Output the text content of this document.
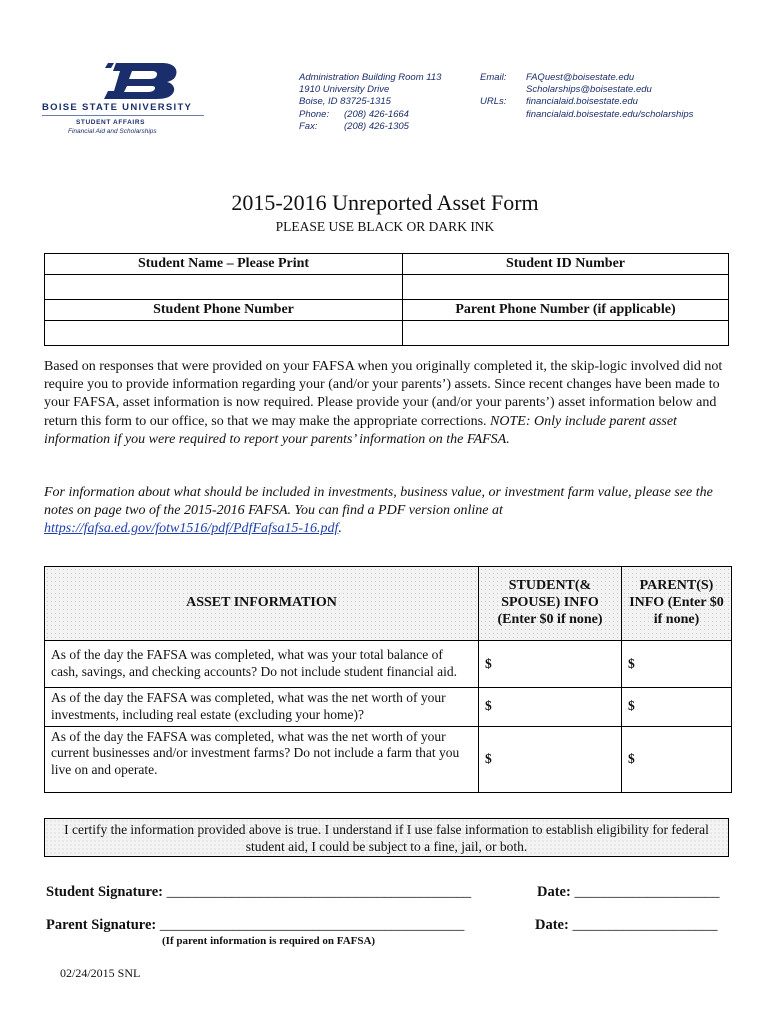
BOISE STATE UNIVERSITY
STUDENT AFFAIRS
Financial Aid and Scholarships
Administration Building Room 113
1910 University Drive
Boise, ID 83725-1315
Phone: (208) 426-1664
Fax:	(208) 426-1305
Email: FAQuest@boisestate.edu
Scholarships@boisestate.edu
URLs: financialaid.boisestate.edu
financialaid.boisestate.edu/scholarships
2015-2016 Unreported Asset Form
PLEASE USE BLACK OR DARK INK
Student Name – Please Print	Student ID Number

Student Phone Number	Parent Phone Number (if applicable)

Based on responses that were provided on your FAFSA when you originally completed it, the skip-logic involved did not require you to provide information regarding your (and/or your parents’) assets. Since recent changes have been made to your FAFSA, asset information is now required. Please provide your (and/or your parents’) asset information below and return this form to our office, so that we may make the appropriate corrections. NOTE: Only include parent asset information if you were required to report your parents’ information on the FAFSA.
For information about what should be included in investments, business value, or investment farm value, please see the notes on page two of the 2015-2016 FAFSA. You can find a PDF version online at https://fafsa.ed.gov/fotw1516/pdf/PdfFafsa15-16.pdf.
ASSET INFORMATION	STUDENT(& SPOUSE) INFO (Enter $0 if none)	PARENT(S) INFO (Enter $0 if none)
As of the day the FAFSA was completed, what was your total balance of cash, savings, and checking accounts? Do not include student financial aid.	$	$
As of the day the FAFSA was completed, what was the net worth of your investments, including real estate (excluding your home)?	$	$
As of the day the FAFSA was completed, what was the net worth of your current businesses and/or investment farms? Do not include a farm that you live on and operate.	$	$
I certify the information provided above is true. I understand if I use false information to establish eligibility for federal student aid, I could be subject to a fine, jail, or both.
Student Signature: __________________________________________	Date: ____________________
Parent Signature: __________________________________________	Date: ____________________
(If parent information is required on FAFSA)
02/24/2015 SNL
